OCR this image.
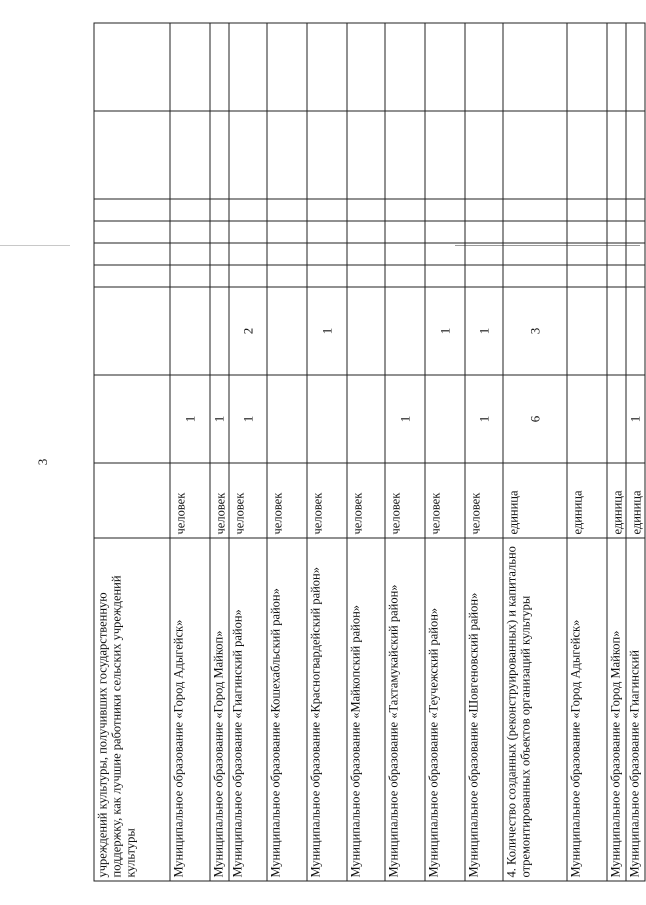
3
учреждений культуры, получивших государственную поддержку, как лучшие работники сельских учреждений культуры									
Муниципальное образование «Город Адыгейск»	человек	1							
Муниципальное образование «Город Майкоп»	человек	1							
Муниципальное образование «Гиагинский район»	человек	1	2						
Муниципальное образование «Кошехабльский район»	человек								
Муниципальное образование «Красногвардейский район»	человек		1						
Муниципальное образование «Майкопский район»	человек								
Муниципальное образование «Тахтамукайский район»	человек	1							
Муниципальное образование «Теучежский район»	человек		1						
Муниципальное образование «Шовгеновский район»	человек	1	1						
4. Количество созданных (реконструированных) и капитально отремонтированных объектов организаций культуры	единица	6	3						
Муниципальное образование «Город Адыгейск»	единица								
Муниципальное образование «Город Майкоп»	единица								
Муниципальное образование «Гиагинский	единица	1							
